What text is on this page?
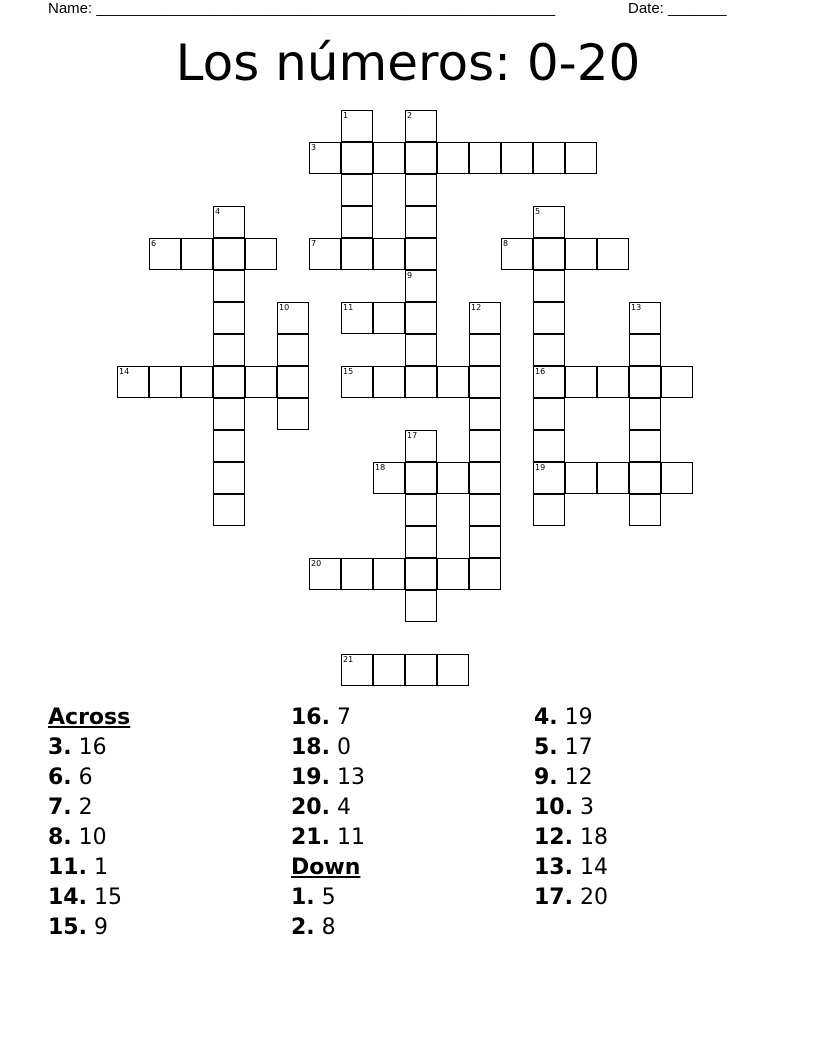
Name: _______________________________________________________	Date: _______
Los números: 0-20
1	2
3
4	5
6	7	8
9
10	11	12	13
14	15	16
17
18	19
20
21
Across
3. 16
6. 6
7. 2
8. 10
11. 1
14. 15
15. 9
16. 7
18. 0
19. 13
20. 4
21. 11
Down
1. 5
2. 8
4. 19
5. 17
9. 12
10. 3
12. 18
13. 14
17. 20
